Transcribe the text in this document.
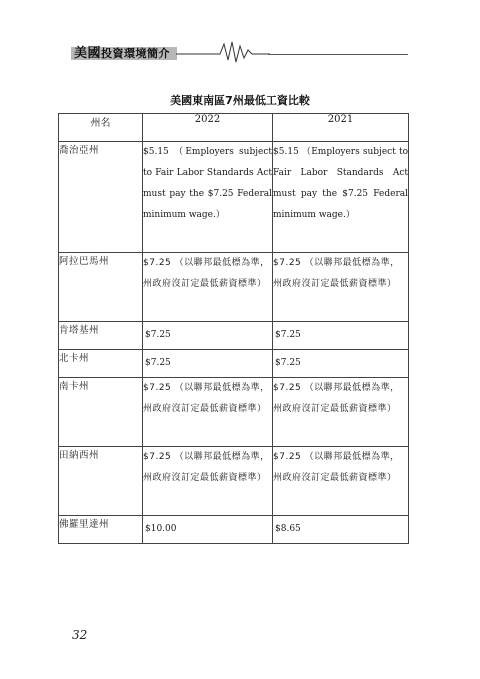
美國投資環境簡介
美國東南區7州最低工資比較
州名	2022	2021
喬治亞州	$5.15 （Employers subject to Fair Labor Standards Act must pay the $7.25 Federal minimum wage.）	$5.15 （Employers subject to Fair Labor Standards Act must pay the $7.25 Federal minimum wage.）
阿拉巴馬州	$7.25 （以聯邦最低標為準，州政府沒訂定最低薪資標準）	$7.25 （以聯邦最低標為準，州政府沒訂定最低薪資標準）
肯塔基州	$7.25	$7.25
北卡州	$7.25	$7.25
南卡州	$7.25 （以聯邦最低標為準，州政府沒訂定最低薪資標準）	$7.25 （以聯邦最低標為準，州政府沒訂定最低薪資標準）
田納西州	$7.25 （以聯邦最低標為準，州政府沒訂定最低薪資標準）	$7.25 （以聯邦最低標為準，州政府沒訂定最低薪資標準）
佛羅里達州	$10.00	$8.65
32
